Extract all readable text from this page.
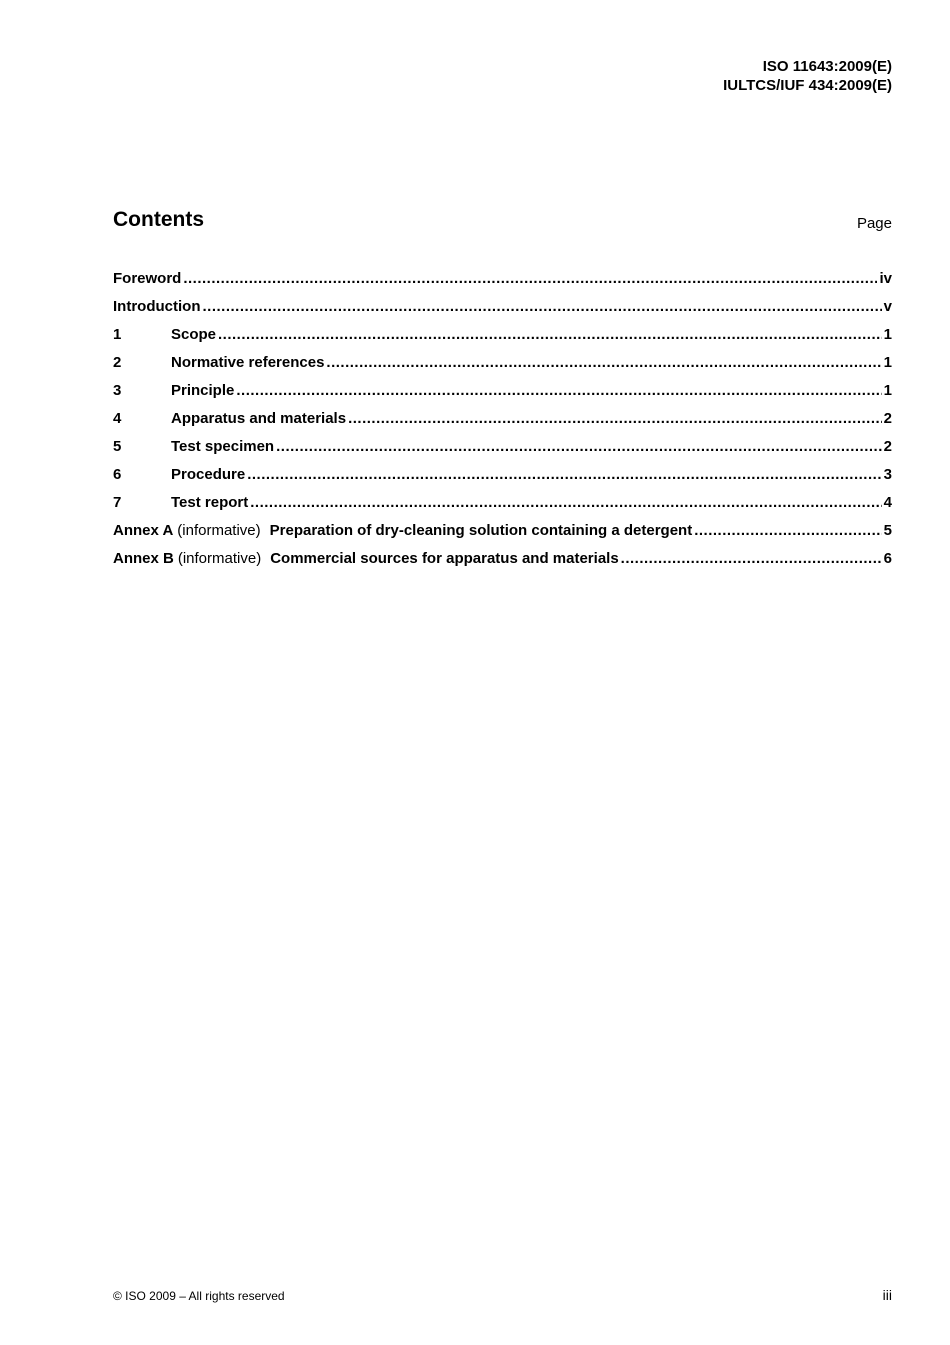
ISO 11643:2009(E)
IULTCS/IUF 434:2009(E)
Contents	Page
Foreword .....	iv
Introduction .....	v
1	Scope .....	1
2	Normative references .....	1
3	Principle .....	1
4	Apparatus and materials .....	2
5	Test specimen .....	2
6	Procedure .....	3
7	Test report .....	4
Annex A (informative) Preparation of dry-cleaning solution containing a detergent .....	5
Annex B (informative) Commercial sources for apparatus and materials .....	6
© ISO 2009 – All rights reserved	iii
